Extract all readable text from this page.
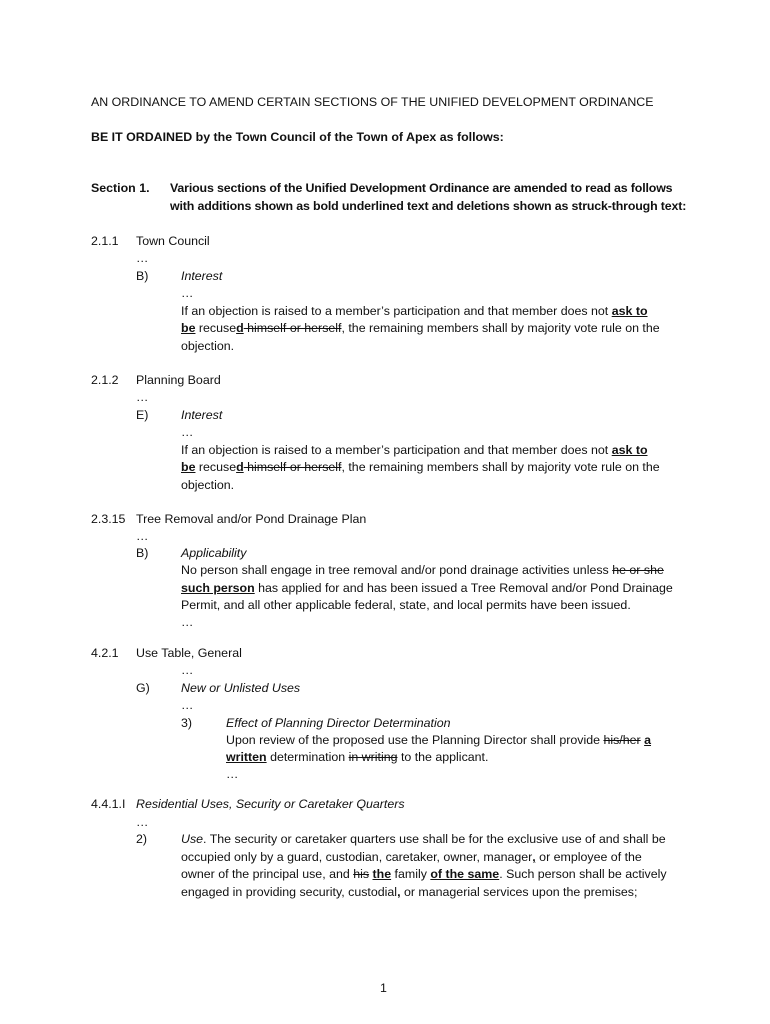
AN ORDINANCE TO AMEND CERTAIN SECTIONS OF THE UNIFIED DEVELOPMENT ORDINANCE
BE IT ORDAINED by the Town Council of the Town of Apex as follows:
Section 1. Various sections of the Unified Development Ordinance are amended to read as follows
with additions shown as bold underlined text and deletions shown as struck-through text:
2.1.1 Town Council
…
B)	Interest
…
If an objection is raised to a member’s participation and that member does not ask to
be recused himself or herself, the remaining members shall by majority vote rule on the
objection.
2.1.2 Planning Board
…
E)	Interest
…
If an objection is raised to a member’s participation and that member does not ask to
be recused himself or herself, the remaining members shall by majority vote rule on the
objection.
2.3.15 Tree Removal and/or Pond Drainage Plan
…
B)	Applicability
No person shall engage in tree removal and/or pond drainage activities unless he or she
such person has applied for and has been issued a Tree Removal and/or Pond Drainage
Permit, and all other applicable federal, state, and local permits have been issued.
…
4.2.1 Use Table, General
…
G)	New or Unlisted Uses
…
3)	Effect of Planning Director Determination
Upon review of the proposed use the Planning Director shall provide his/her a
written determination in writing to the applicant.
…
4.4.1.I Residential Uses, Security or Caretaker Quarters
…
2)	Use. The security or caretaker quarters use shall be for the exclusive use of and shall be
occupied only by a guard, custodian, caretaker, owner, manager, or employee of the
owner of the principal use, and his the family of the same. Such person shall be actively
engaged in providing security, custodial, or managerial services upon the premises;
1
